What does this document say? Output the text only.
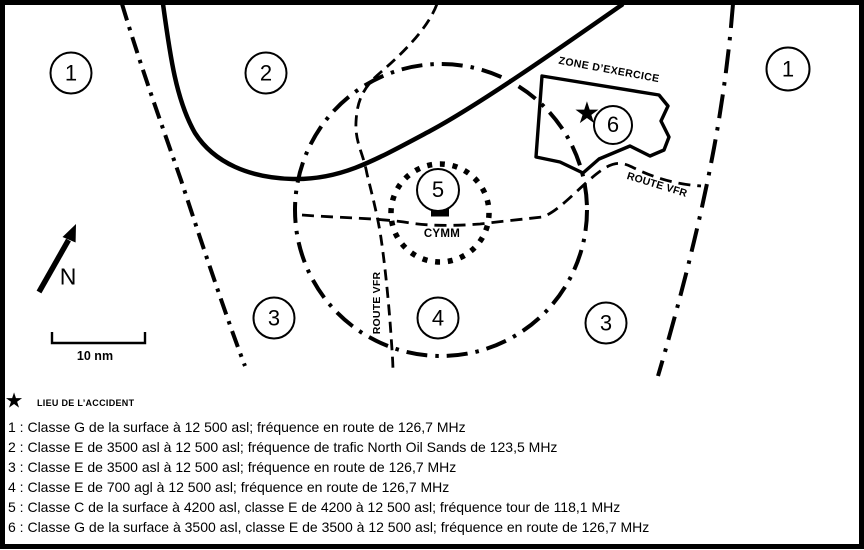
1	2	1
3	4	3
5
6
CYMM
ROUTE VFR
ROUTE VFR
ZONE D’EXERCICE
N
10 nm
★
★ LIEU DE L’ACCIDENT
1 : Classe G de la surface à 12 500 asl; fréquence en route de 126,7 MHz
2 : Classe E de 3500 asl à 12 500 asl; fréquence de trafic North Oil Sands de 123,5 MHz
3 : Classe E de 3500 asl à 12 500 asl; fréquence en route de 126,7 MHz
4 : Classe E de 700 agl à 12 500 asl; fréquence en route de 126,7 MHz
5 : Classe C de la surface à 4200 asl, classe E de 4200 à 12 500 asl; fréquence tour de 118,1 MHz
6 : Classe G de la surface à 3500 asl, classe E de 3500 à 12 500 asl; fréquence en route de 126,7 MHz
